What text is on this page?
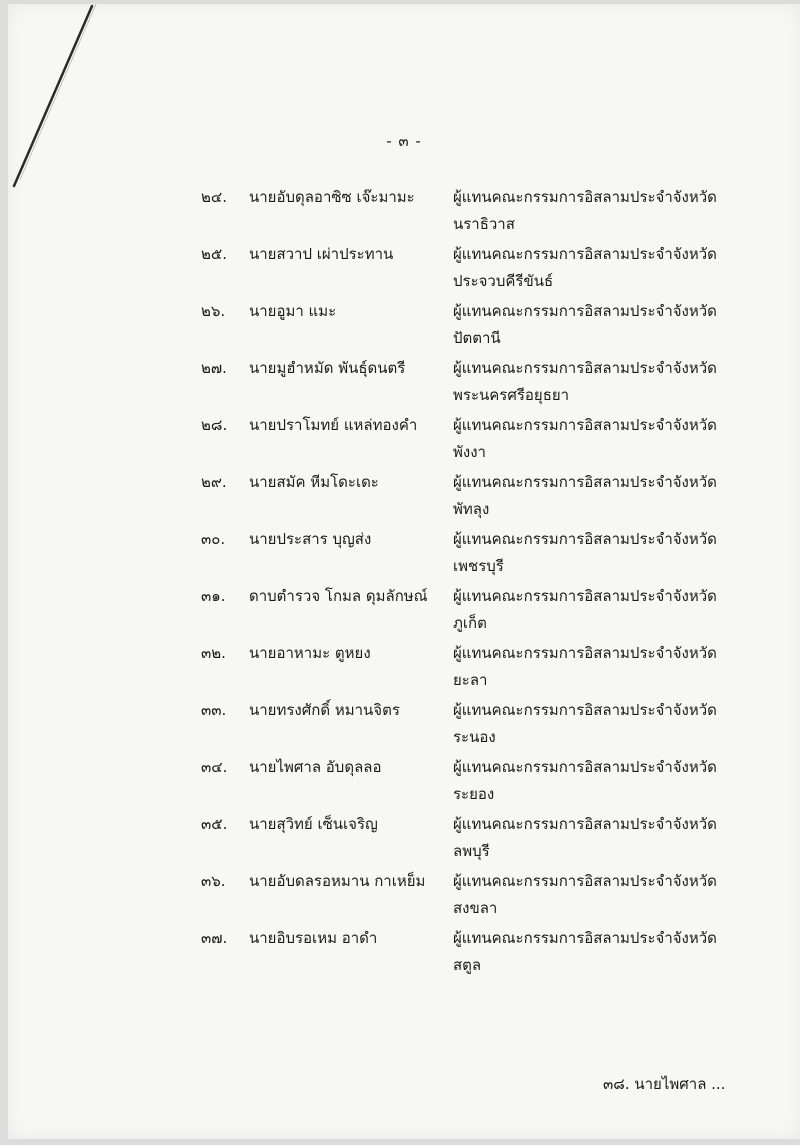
- ๓ -
๒๔. นายอับดุลอาซิซ เจ๊ะมามะ	ผู้แทนคณะกรรมการอิสลามประจำจังหวัด
นราธิวาส
๒๕. นายสวาป เผ่าประทาน	ผู้แทนคณะกรรมการอิสลามประจำจังหวัด
ประจวบคีรีขันธ์
๒๖. นายอูมา แมะ	ผู้แทนคณะกรรมการอิสลามประจำจังหวัด
ปัตตานี
๒๗. นายมูฮำหมัด พันธุ์ดนตรี	ผู้แทนคณะกรรมการอิสลามประจำจังหวัด
พระนครศรีอยุธยา
๒๘. นายปราโมทย์ แหล่ทองคำ ผู้แทนคณะกรรมการอิสลามประจำจังหวัด
พังงา
๒๙. นายสมัค หีมโดะเดะ	ผู้แทนคณะกรรมการอิสลามประจำจังหวัด
พัทลุง
๓๐. นายประสาร บุญส่ง	ผู้แทนคณะกรรมการอิสลามประจำจังหวัด
เพชรบุรี
๓๑. ดาบตำรวจ โกมล ดุมลักษณ์ ผู้แทนคณะกรรมการอิสลามประจำจังหวัด
ภูเก็ต
๓๒. นายอาหามะ ตูหยง	ผู้แทนคณะกรรมการอิสลามประจำจังหวัด
ยะลา
๓๓. นายทรงศักดิ์ หมานจิตร	ผู้แทนคณะกรรมการอิสลามประจำจังหวัด
ระนอง
๓๔. นายไพศาล อับดุลลอ	ผู้แทนคณะกรรมการอิสลามประจำจังหวัด
ระยอง
๓๕. นายสุวิทย์ เซ็นเจริญ	ผู้แทนคณะกรรมการอิสลามประจำจังหวัด
ลพบุรี
๓๖. นายอับดลรอหมาน กาเหย็ม ผู้แทนคณะกรรมการอิสลามประจำจังหวัด
สงขลา
๓๗. นายอิบรอเหม อาดำ	ผู้แทนคณะกรรมการอิสลามประจำจังหวัด
สตูล
๓๘. นายไพศาล ...
